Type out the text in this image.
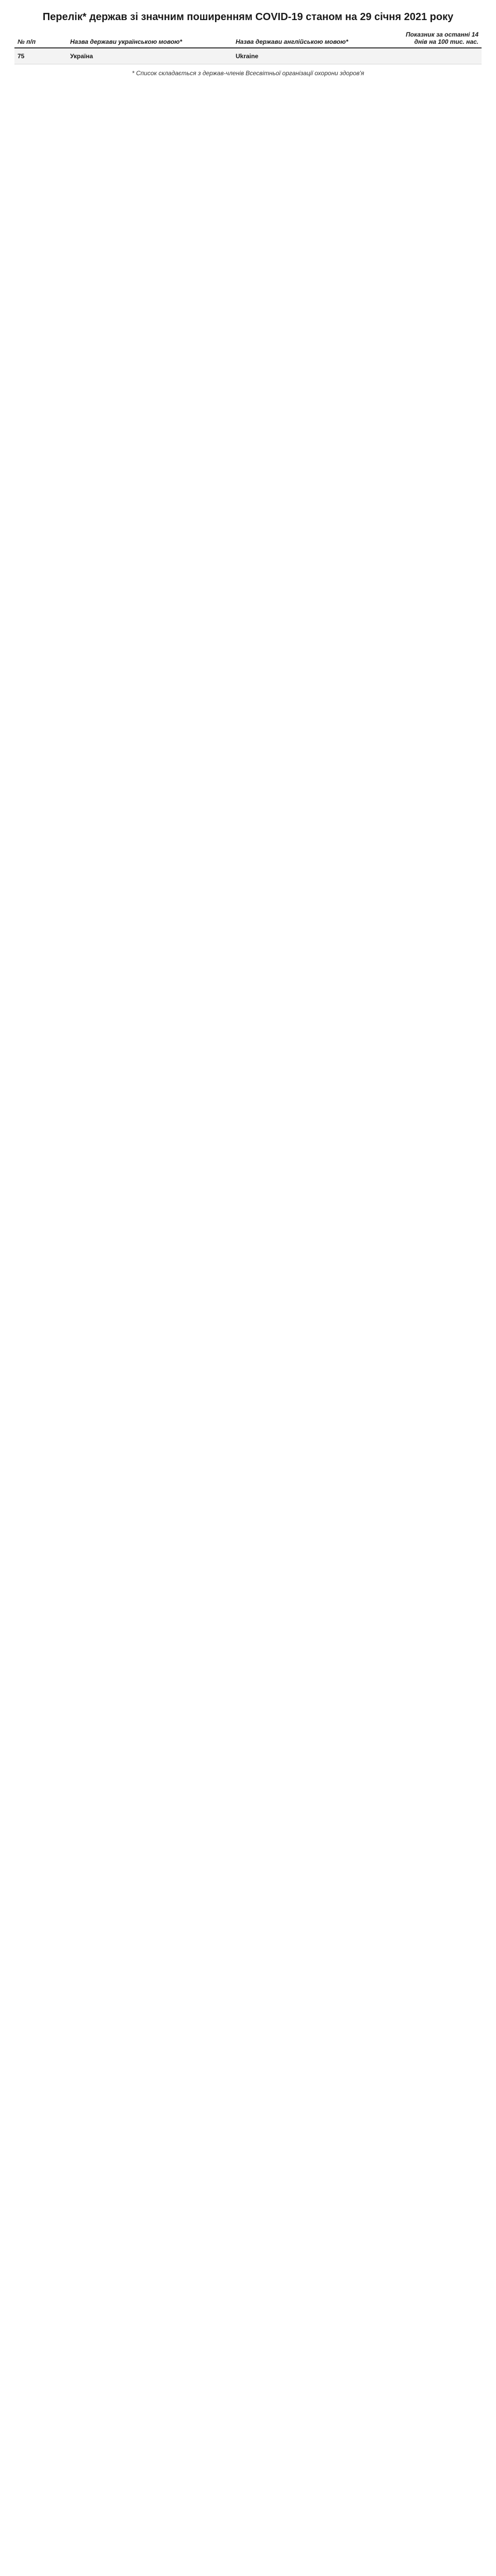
Перелік* держав зі значним поширенням COVID-19 станом на 29 січня 2021 року
№ п/п	Назва держави українською мовою*	Назва держави англійською мовою*	Показник за останні 14 днів на 100 тис. нас.
75	Україна	Ukraine	
* Список складається з держав-членів Всесвітньої організації охорони здоров'я
